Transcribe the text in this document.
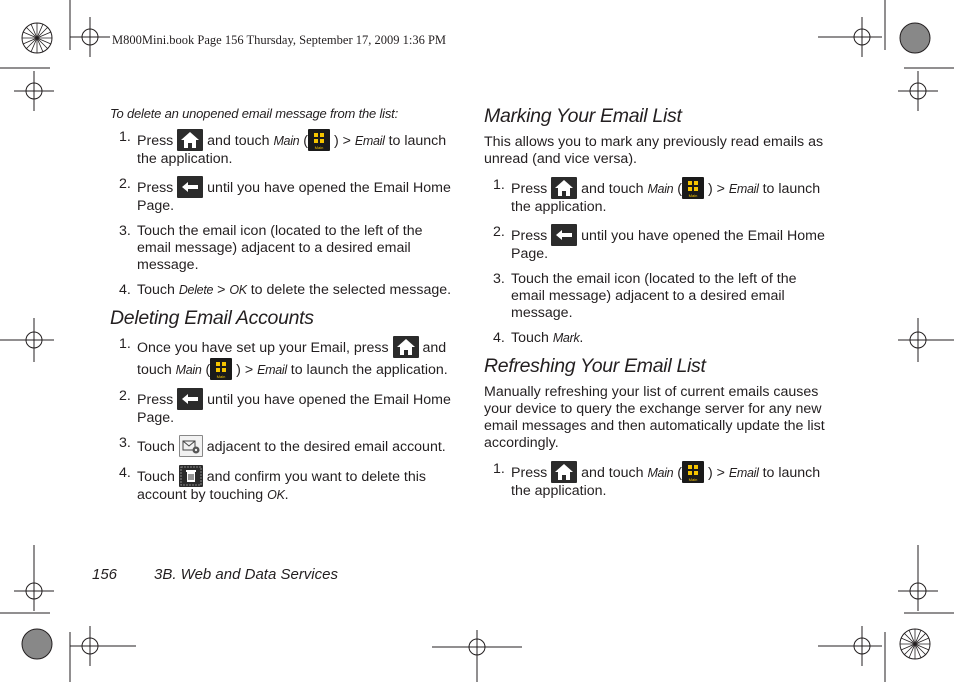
M800Mini.book Page 156 Thursday, September 17, 2009 1:36 PM

To delete an unopened email message from the list:

1. Press
and touch Main ( Main ) > Email to launch the application.
2. Press
until you have opened the Email Home Page.
3. Touch the email icon (located to the left of the email message) adjacent to a desired email message.
4. Touch Delete > OK to delete the selected message.
Deleting Email Accounts
1. Once you have set up your Email, press
and touch Main ( Main ) > Email to launch the application.
2. Press
until you have opened the Email Home Page.
3. Touch
adjacent to the desired email account.
4. Touch
and confirm you want to delete this account by touching OK.
Marking Your Email List

This allows you to mark any previously read emails as unread (and vice versa).

1. Press
and touch Main ( Main ) > Email to launch the application.
2. Press
until you have opened the Email Home Page.
3. Touch the email icon (located to the left of the email message) adjacent to a desired email message.
4. Touch Mark.
Refreshing Your Email List

Manually refreshing your list of current emails causes your device to query the exchange server for any new email messages and then automatically update the list accordingly.

1. Press
and touch Main ( Main ) > Email to launch the application.
156 3B. Web and Data Services
